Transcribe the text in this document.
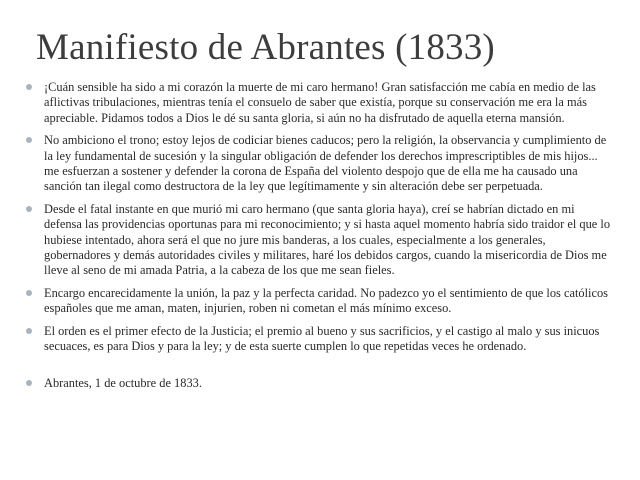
Manifiesto de Abrantes (1833)
¡Cuán sensible ha sido a mi corazón la muerte de mi caro hermano! Gran satisfacción me cabía en medio de las aflictivas tribulaciones, mientras tenía el consuelo de saber que existía, porque su conservación me era la más apreciable. Pidamos todos a Dios le dé su santa gloria, si aún no ha disfrutado de aquella eterna mansión.
No ambiciono el trono; estoy lejos de codiciar bienes caducos; pero la religión, la observancia y cumplimiento de la ley fundamental de sucesión y la singular obligación de defender los derechos imprescriptibles de mis hijos... me esfuerzan a sostener y defender la corona de España del violento despojo que de ella me ha causado una sanción tan ilegal como destructora de la ley que legítimamente y sin alteración debe ser perpetuada.
Desde el fatal instante en que murió mi caro hermano (que santa gloria haya), creí se habrían dictado en mi defensa las providencias oportunas para mi reconocimiento; y si hasta aquel momento habría sido traidor el que lo hubiese intentado, ahora será el que no jure mis banderas, a los cuales, especialmente a los generales, gobernadores y demás autoridades civiles y militares, haré los debidos cargos, cuando la misericordia de Dios me lleve al seno de mi amada Patria, a la cabeza de los que me sean fieles.
Encargo encarecidamente la unión, la paz y la perfecta caridad. No padezco yo el sentimiento de que los católicos españoles que me aman, maten, injurien, roben ni cometan el más mínimo exceso.
El orden es el primer efecto de la Justicia; el premio al bueno y sus sacrificios, y el castigo al malo y sus inicuos secuaces, es para Dios y para la ley; y de esta suerte cumplen lo que repetidas veces he ordenado.
Abrantes, 1 de octubre de 1833.
